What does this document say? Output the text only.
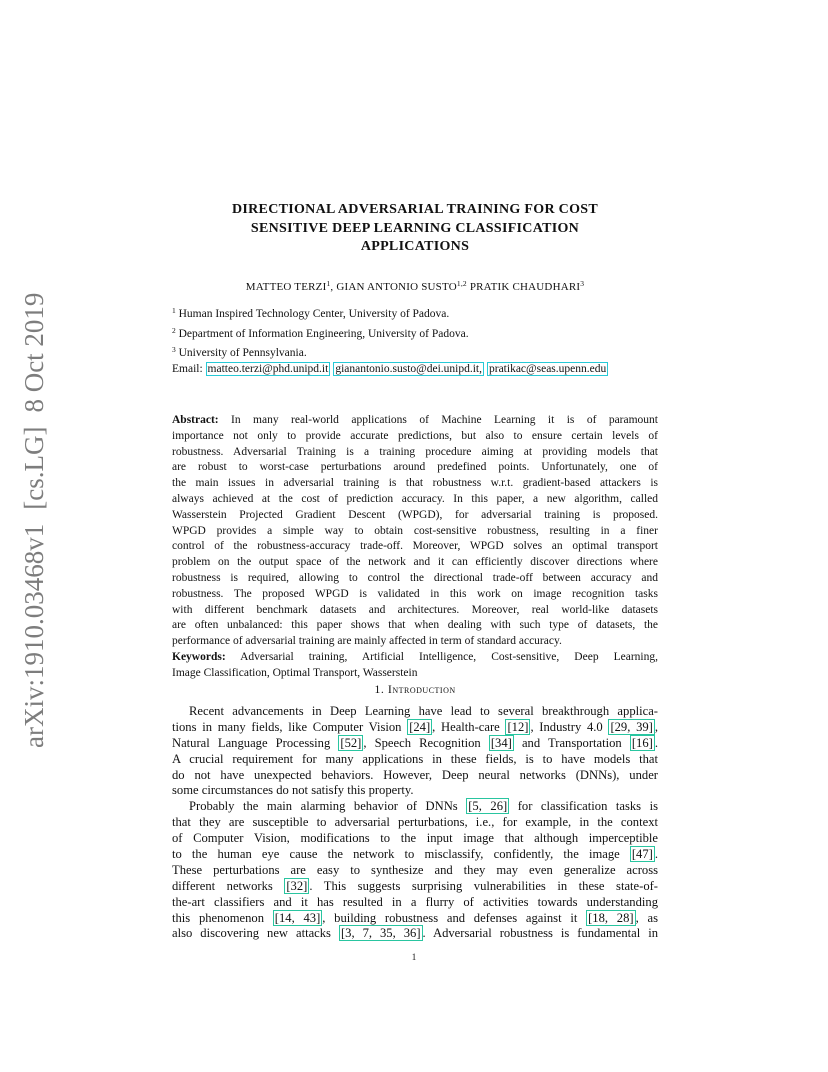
arXiv:1910.03468v1[cs.LG]8 Oct 2019
DIRECTIONAL ADVERSARIAL TRAINING FOR COST
SENSITIVE DEEP LEARNING CLASSIFICATION
APPLICATIONS
MATTEO TERZI$^1$, GIAN ANTONIO SUSTO$^{1,2}$ PRATIK CHAUDHARI$^3$
$^1$ Human Inspired Technology Center, University of Padova.
$^2$ Department of Information Engineering, University of Padova.
$^3$ University of Pennsylvania.
Email: matteo.terzi@phd.unipd.it gianantonio.susto@dei.unipd.it, pratikac@seas.upenn.edu
Abstract: In many real-world applications of Machine Learning it is of paramount
importance not only to provide accurate predictions, but also to ensure certain levels of
robustness. Adversarial Training is a training procedure aiming at providing models that
are robust to worst-case perturbations around predefined points. Unfortunately, one of
the main issues in adversarial training is that robustness w.r.t. gradient-based attackers is
always achieved at the cost of prediction accuracy. In this paper, a new algorithm, called
Wasserstein Projected Gradient Descent (WPGD), for adversarial training is proposed.
WPGD provides a simple way to obtain cost-sensitive robustness, resulting in a finer
control of the robustness-accuracy trade-off. Moreover, WPGD solves an optimal transport
problem on the output space of the network and it can efficiently discover directions where
robustness is required, allowing to control the directional trade-off between accuracy and
robustness. The proposed WPGD is validated in this work on image recognition tasks
with different benchmark datasets and architectures. Moreover, real world-like datasets
are often unbalanced: this paper shows that when dealing with such type of datasets, the
performance of adversarial training are mainly affected in term of standard accuracy.
Keywords: Adversarial training, Artificial Intelligence, Cost-sensitive, Deep Learning,
Image Classification, Optimal Transport, Wasserstein
1. Introduction
Recent advancements in Deep Learning have lead to several breakthrough applica-
tions in many fields, like Computer Vision [24] , Health-care [12] , Industry 4.0 [29, 39] ,
Natural Language Processing [52] , Speech Recognition [34] and Transportation [16] .
A crucial requirement for many applications in these fields, is to have models that
do not have unexpected behaviors. However, Deep neural networks (DNNs), under
some circumstances do not satisfy this property.
Probably the main alarming behavior of DNNs [5, 26] for classification tasks is
that they are susceptible to adversarial perturbations, i.e., for example, in the context
of Computer Vision, modifications to the input image that although imperceptible
to the human eye cause the network to misclassify, confidently, the image [47] .
These perturbations are easy to synthesize and they may even generalize across
different networks [32] . This suggests surprising vulnerabilities in these state-of-
the-art classifiers and it has resulted in a flurry of activities towards understanding
this phenomenon [14, 43] , building robustness and defenses against it [18, 28] , as
also discovering new attacks [3, 7, 35, 36] . Adversarial robustness is fundamental in
1
